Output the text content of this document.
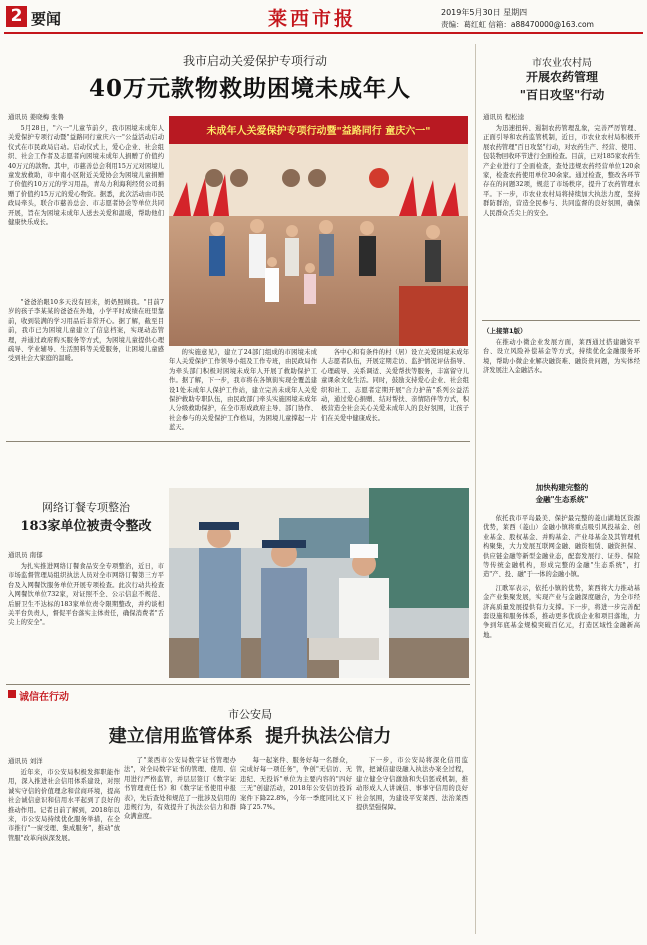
2 要闻	莱西市报	2019年5月30日 星期四
责编：葛红虹 信箱：a88470000@163.com
我市启动关爱保护专项行动
40万元款物救助困境未成年人
通讯员 姜晓梅 张鲁

5月28日，"六一"儿童节前夕，我市困境未成年人关爱保护专项行动暨"益路同行童庆六一"公益活动启动仪式在市民政局启动。启动仪式上，爱心企业、社会组织、社会工作者及志愿者向困境未成年人捐赠了价值约40万元的款物。其中，市慈善总会利用15万元对困境儿童发放救助，市中南小区附近关爱协会为困境儿童捐赠了价值约10万元的学习用品，青岛力利海利经贸公司捐赠了价值约15万元的爱心物资。据悉，此次活动由市民政局牵头，联合市慈善总会、市志愿者协会等单位共同开展，旨在为困境未成年人送去关爱和温暖，帮助他们健康快乐成长。

未成年人关爱保护专项行动暨"益路同行 童庆六一"

"爸爸治眼10多天没有回来，奶奶照顾我。"目前7岁的孩子李某某的爸爸在外地，小学平时成绩在班里靠前，收到装满的学习用品后非常开心。据了解，截至目前，我市已为困境儿童建立了信息档案，实现动态管理，并通过政府购买服务等方式，为困境儿童提供心理疏导、学业辅导、生活照料等关爱服务，让困境儿童感受到社会大家庭的温暖。

的实施意见》，建立了24部门组成的市困境未成年人关爱保护工作领导小组及工作专班，由民政局作为牵头部门积极对困境未成年人开展了救助保护工作。据了解，下一步，我市将在各镇街实现全覆盖建设1处未成年人保护工作站，建立完善未成年人关爱保护救助专职队伍，由民政部门牵头实施困境未成年人分级救助保护，在全市形成政府主导、部门协作、社会参与的关爱保护工作格局，为困境儿童撑起一片蓝天。

各中心和有条件的村（居）设立关爱困境未成年人志愿者队伍，开展定期走访、监护情况评估指导、心理疏导、关系调适、关爱帮扶等服务，丰富留守儿童课余文化生活。同时，鼓励支持爱心企业、社会组织和社工、志愿者定期开展"合力护苗"系列公益活动，通过爱心捐赠、结对帮扶、亲情陪伴等方式，积极营造全社会关心关爱未成年人的良好氛围，让孩子们在关爱中健康成长。

市农业农村局
开展农药管理
"百日攻坚"行动
通讯员 程松逵

为迅速扭转、遏制农药管理乱象，完善严厉管理、正面引导和农药监管机制，近日，市农业农村局积极开展农药管理"百日攻坚"行动，对农药生产、经营、使用、包装物回收环节进行全面检查。目前，已对185家农药生产企业进行了全面检查，查处违规农药经营单位120余家，检查农药使用单位30余家。通过检查，整改各环节存在的问题32项，规范了市场秩序，提升了农药管理水平。下一步，市农业农村局将持续加大执法力度，坚持群防群治，营造全民参与、共同监督的良好氛围，确保人民群众舌尖上的安全。

（上接第1版）

在推动小微企业发展方面，莱西通过搭建融资平台、设立风险补偿基金等方式，持续优化金融服务环境，帮助小微企业解决融资难、融资贵问题，为实体经济发展注入金融活水。

加快构建完整的
金融"生态系统"

依托我市平岛最美、保护最完整的菱山湖地区资源优势，莱西（菱山）金融小镇将重点吸引风投基金、创业基金、股权基金、并购基金、产业母基金及其管理机构聚集，大力发展互联网金融、融资租赁、融资担保、供应链金融等新型金融业态，配套发展行、证券、保险等传统金融机构，形成完整的金融"生态系统"，打造"产、投、融"于一体的金融小镇。

江歌军表示，依托小镇的优势，莱西将大力推动基金产业集聚发展，实现产业与金融深度融合，为全市经济高质量发展提供有力支撑。下一步，将进一步完善配套设施和服务体系，推动更多优质企业和项目落地，力争到年底基金规模突破百亿元，打造区域性金融新高地。

网络订餐专项整治
183家单位被责令整改
通讯员 南郁

为扎实推进网络订餐食品安全专项整治，近日，市市场监督管理局组织执法人员对全市网络订餐第三方平台及入网餐饮服务单位开展专项检查。此次行动共检查入网餐饮单位732家，对证照不全、公示信息不规范、后厨卫生不达标的183家单位责令限期整改，并约谈相关平台负责人，督促平台落实主体责任，确保消费者"舌尖上的安全"。

诚信在行动
市公安局
建立信用监管体系  提升执法公信力
通讯员 刘洋

近年来，市公安局积极发挥职能作用，深入推进社会信用体系建设，对照诚实守信的价值理念和营商环境，提高社会诚信意识和信用水平起到了良好的推动作用。记者日前了解到，2018年以来，市公安局持续优化服务举措，在全市推行"一窗受理、集成服务"，推动"放管服"改革向纵深发展。

了"莱西市公安局数字证书管理办法"，对全局数字证书的管理、使用、信用进行严格监管，并层层签订《数字证书管理责任书》和《数字证书使用申报表》，先后查处和规范了一批涉及信用的违规行为，有效提升了执法公信力和群众满意度。

每一起案件、服务好每一名群众，完成好每一项任务"，争创"无信访、无违纪、无投诉"单位为主要内容的"四好三无"创建活动，2018年公安信访投诉案件下降22.8%，今年一季度同比又下降了25.7%。

下一步，市公安局将深化信用监管，把诚信建设融入执法办案全过程，建立健全守信激励和失信惩戒机制，推动形成人人讲诚信、事事守信用的良好社会氛围，为建设平安莱西、法治莱西提供坚强保障。
